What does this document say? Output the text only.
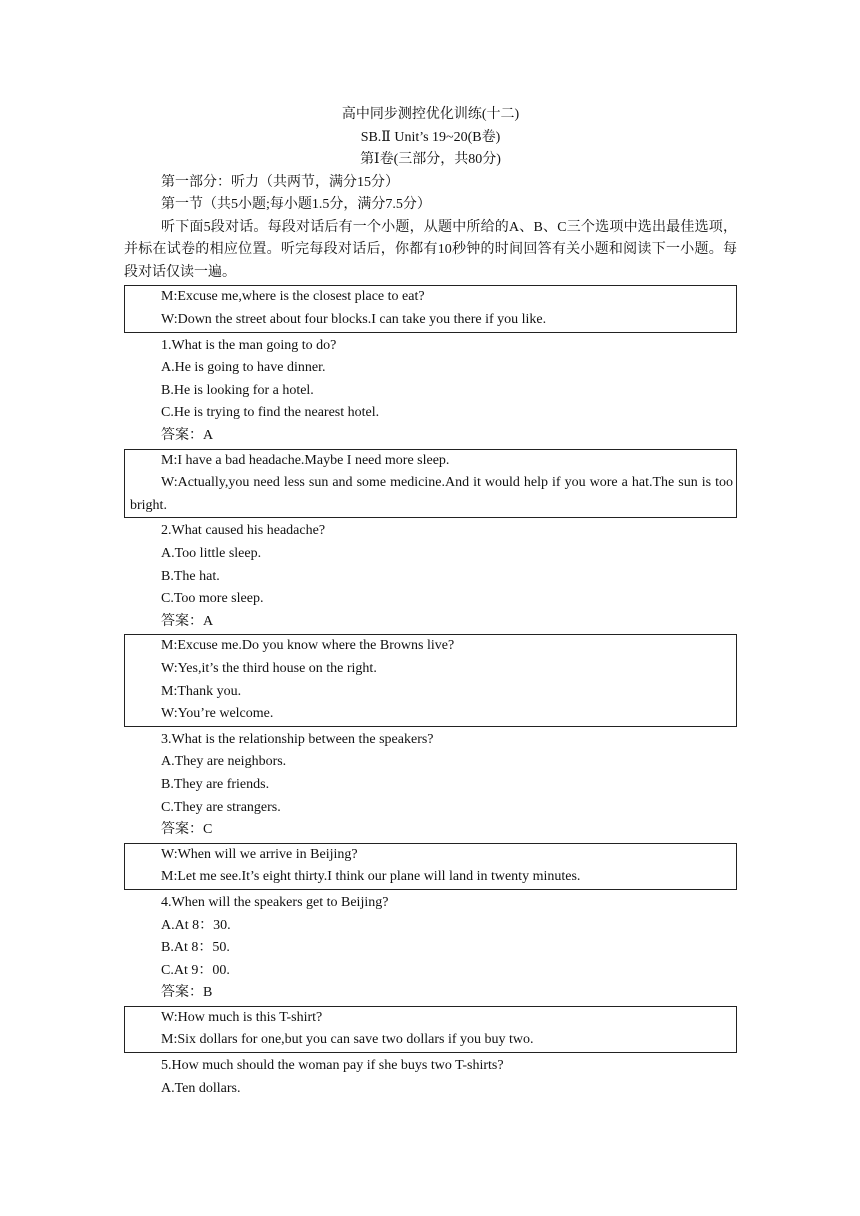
高中同步测控优化训练(十二)
SB.Ⅱ Unit’s 19~20(B卷)
第Ⅰ卷(三部分，共80分)
第一部分：听力（共两节，满分15分）
第一节（共5小题;每小题1.5分，满分7.5分）
听下面5段对话。每段对话后有一个小题，从题中所给的A、B、C三个选项中选出最佳选项，并标在试卷的相应位置。听完每段对话后，你都有10秒钟的时间回答有关小题和阅读下一小题。每段对话仅读一遍。
M:Excuse me,where is the closest place to eat?
W:Down the street about four blocks.I can take you there if you like.
1.What is the man going to do?
A.He is going to have dinner.
B.He is looking for a hotel.
C.He is trying to find the nearest hotel.
答案：A
M:I have a bad headache.Maybe I need more sleep.
W:Actually,you need less sun and some medicine.And it would help if you wore a hat.The sun is too bright.
2.What caused his headache?
A.Too little sleep.
B.The hat.
C.Too more sleep.
答案：A
M:Excuse me.Do you know where the Browns live?
W:Yes,it’s the third house on the right.
M:Thank you.
W:You’re welcome.
3.What is the relationship between the speakers?
A.They are neighbors.
B.They are friends.
C.They are strangers.
答案：C
W:When will we arrive in Beijing?
M:Let me see.It’s eight thirty.I think our plane will land in twenty minutes.
4.When will the speakers get to Beijing?
A.At 8：30.
B.At 8：50.
C.At 9：00.
答案：B
W:How much is this T-shirt?
M:Six dollars for one,but you can save two dollars if you buy two.
5.How much should the woman pay if she buys two T-shirts?
A.Ten dollars.
